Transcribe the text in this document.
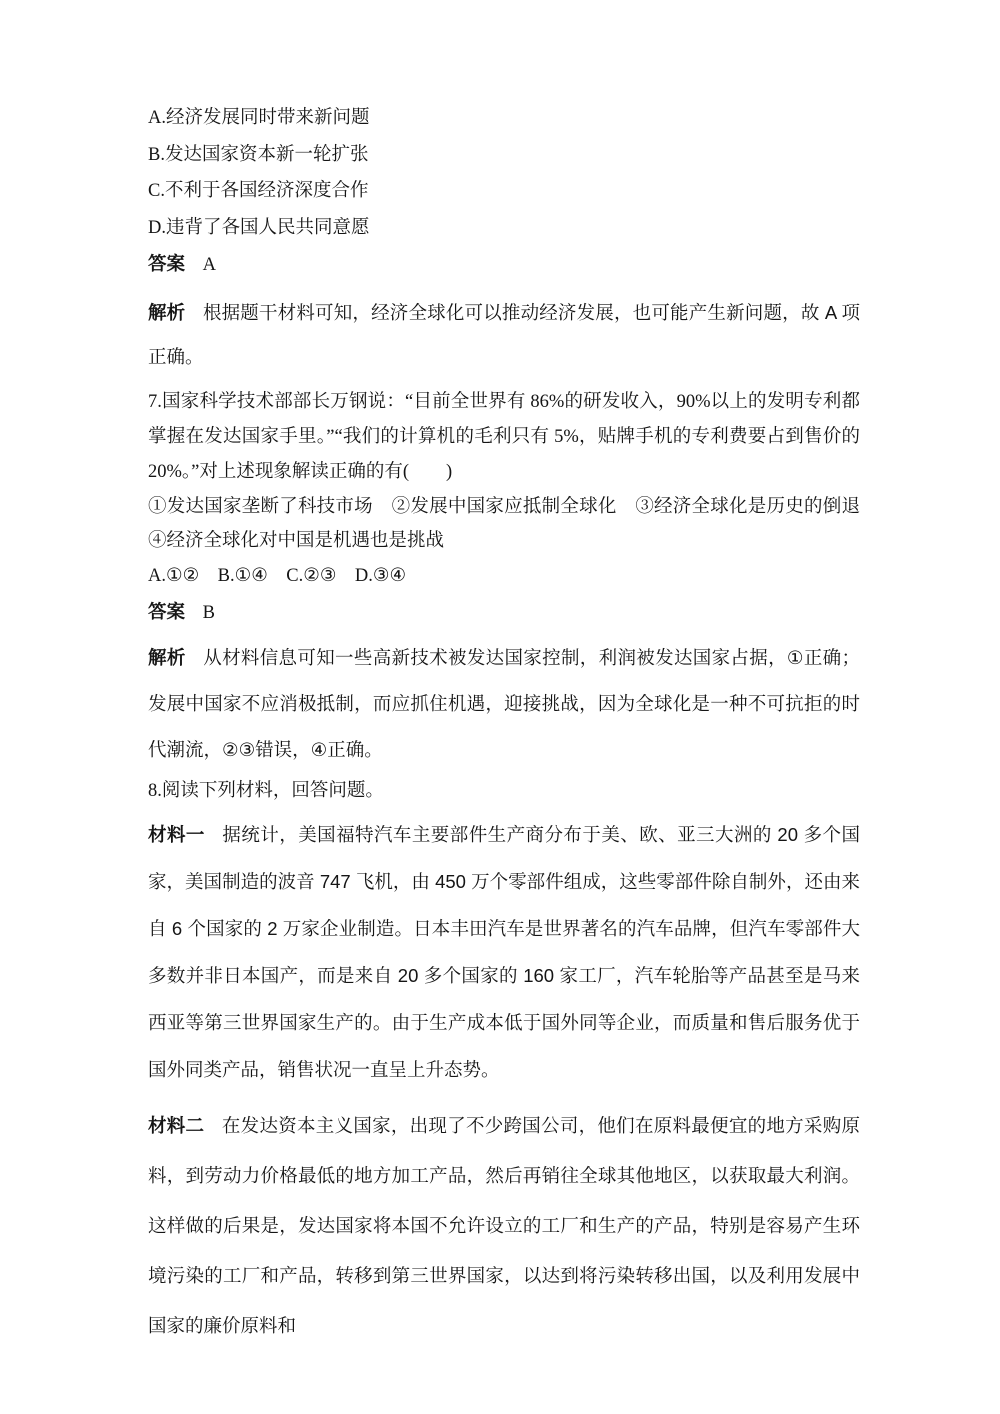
A.经济发展同时带来新问题

B.发达国家资本新一轮扩张

C.不利于各国经济深度合作

D.违背了各国人民共同意愿

答案 A

解析 根据题干材料可知，经济全球化可以推动经济发展，也可能产生新问题，故 A 项正确。

7.国家科学技术部部长万钢说：“目前全世界有 86%的研发收入，90%以上的发明专利都掌握在发达国家手里。”“我们的计算机的毛利只有 5%，贴牌手机的专利费要占到售价的 20%。”对上述现象解读正确的有(　　)

①发达国家垄断了科技市场　②发展中国家应抵制全球化　③经济全球化是历史的倒退　④经济全球化对中国是机遇也是挑战

A.①②　B.①④　C.②③　D.③④

答案 B

解析 从材料信息可知一些高新技术被发达国家控制，利润被发达国家占据，①正确；发展中国家不应消极抵制，而应抓住机遇，迎接挑战，因为全球化是一种不可抗拒的时代潮流，②③错误，④正确。

8.阅读下列材料，回答问题。

材料一 据统计，美国福特汽车主要部件生产商分布于美、欧、亚三大洲的 20 多个国家，美国制造的波音 747 飞机，由 450 万个零部件组成，这些零部件除自制外，还由来自 6 个国家的 2 万家企业制造。日本丰田汽车是世界著名的汽车品牌，但汽车零部件大多数并非日本国产，而是来自 20 多个国家的 160 家工厂，汽车轮胎等产品甚至是马来西亚等第三世界国家生产的。由于生产成本低于国外同等企业，而质量和售后服务优于国外同类产品，销售状况一直呈上升态势。

材料二 在发达资本主义国家，出现了不少跨国公司，他们在原料最便宜的地方采购原料，到劳动力价格最低的地方加工产品，然后再销往全球其他地区，以获取最大利润。这样做的后果是，发达国家将本国不允许设立的工厂和生产的产品，特别是容易产生环境污染的工厂和产品，转移到第三世界国家，以达到将污染转移出国，以及利用发展中国家的廉价原料和
